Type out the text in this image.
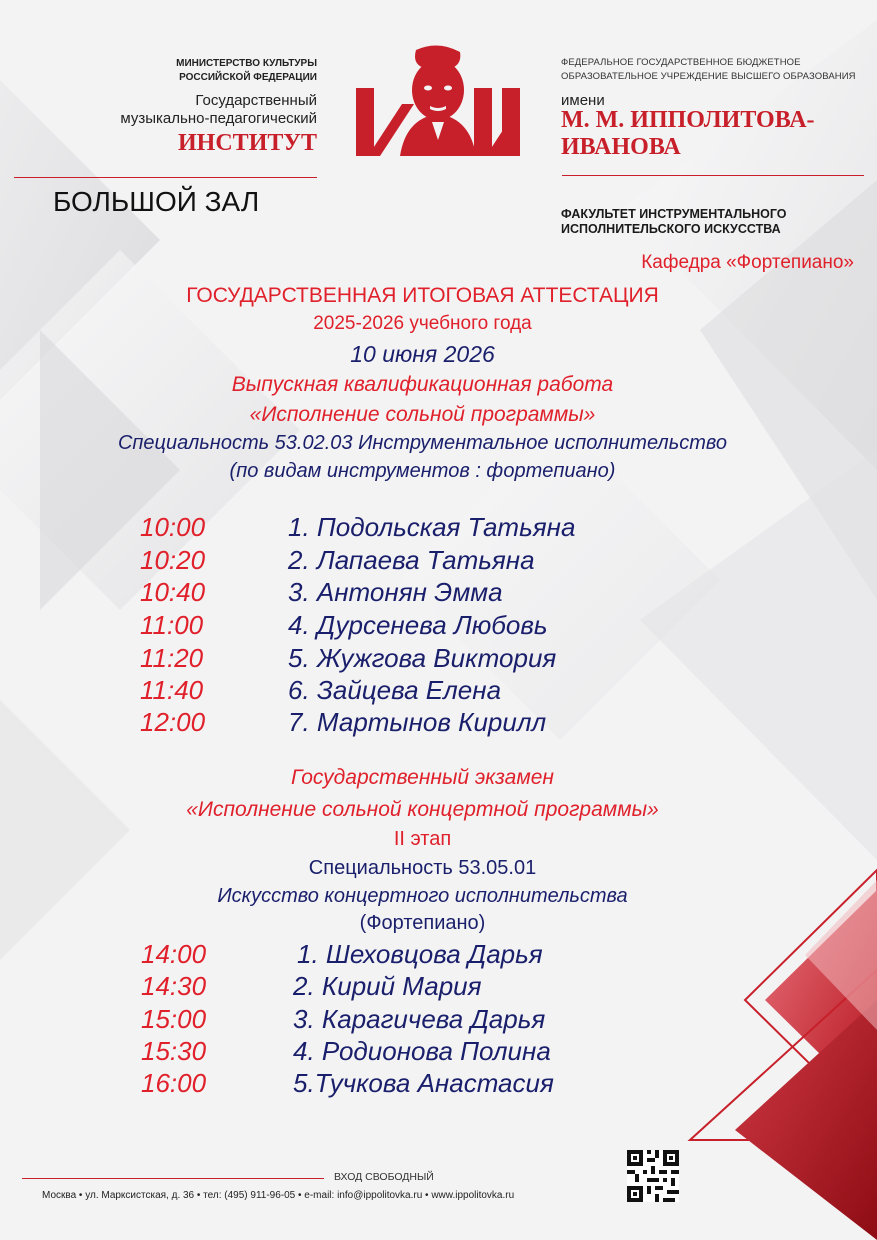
МИНИСТЕРСТВО КУЛЬТУРЫ
РОССИЙСКОЙ ФЕДЕРАЦИИ
Государственный
музыкально-педагогический
ИНСТИТУТ
ФЕДЕРАЛЬНОЕ ГОСУДАРСТВЕННОЕ БЮДЖЕТНОЕ
ОБРАЗОВАТЕЛЬНОЕ УЧРЕЖДЕНИЕ ВЫСШЕГО ОБРАЗОВАНИЯ
имени
М. М. ИППОЛИТОВА-
ИВАНОВА
БОЛЬШОЙ ЗАЛ	ФАКУЛЬТЕТ ИНСТРУМЕНТАЛЬНОГО
ИСПОЛНИТЕЛЬСКОГО ИСКУССТВА
Кафедра «Фортепиано»
ГОСУДАРСТВЕННАЯ ИТОГОВАЯ АТТЕСТАЦИЯ
2025-2026 учебного года
10 июня 2026
Выпускная квалификационная работа
«Исполнение сольной программы»
Специальность 53.02.03 Инструментальное исполнительство
(по видам инструментов : фортепиано)
10:00	1. Подольская Татьяна
10:20	2. Лапаева Татьяна
10:40	3. Антонян Эмма
11:00	4. Дурсенева Любовь
11:20	5. Жужгова Виктория
11:40	6. Зайцева Елена
12:00	7. Мартынов Кирилл
Государственный экзамен
«Исполнение сольной концертной программы»
II этап
Специальность 53.05.01
Искусство концертного исполнительства
(Фортепиано)
14:00	1. Шеховцова Дарья
14:30	2. Кирий Мария
15:00	3. Карагичева Дарья
15:30	4. Родионова Полина
16:00	5.Тучкова Анастасия
ВХОД СВОБОДНЫЙ
Москва • ул. Марксистская, д. 36 • тел: (495) 911-96-05 • e-mail: info@ippolitovka.ru • www.ippolitovka.ru
